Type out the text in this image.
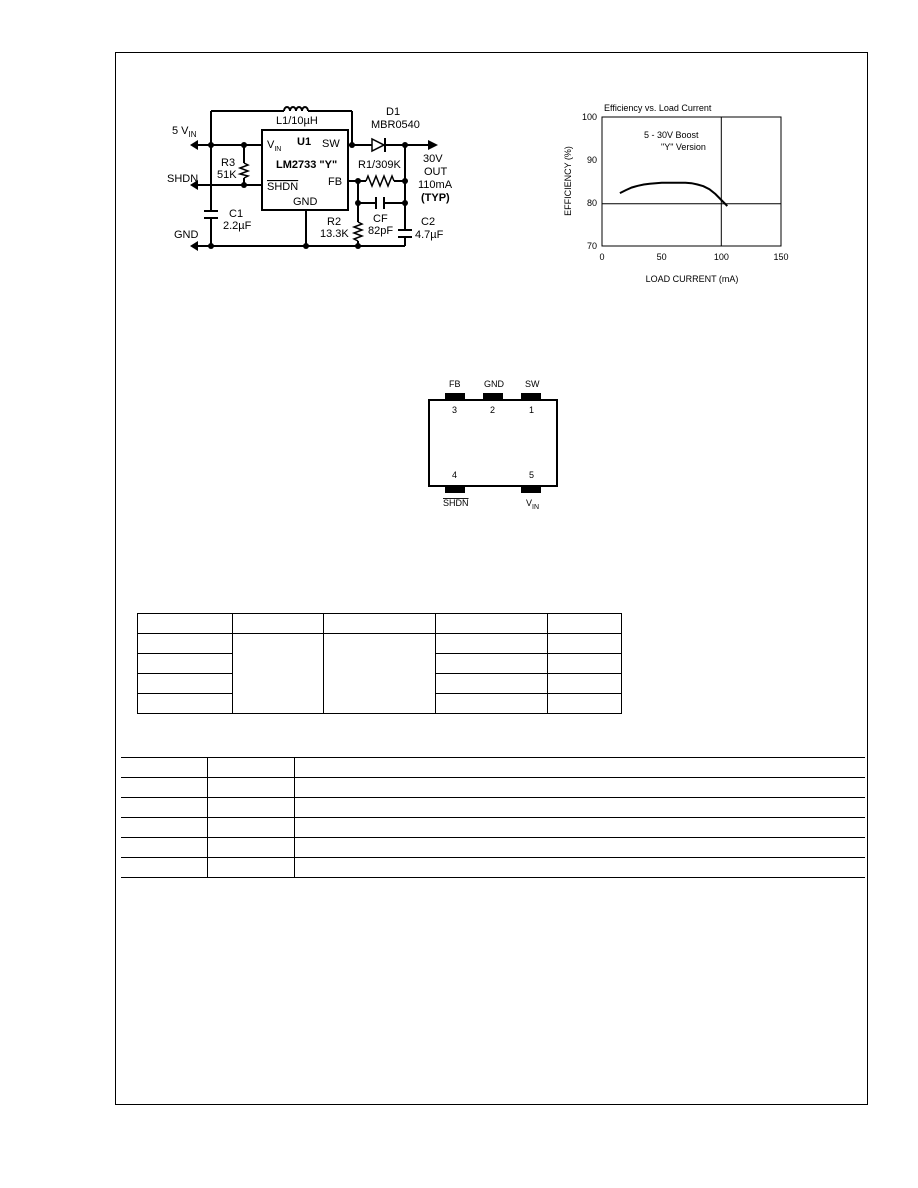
5 $V_{IN}$
SHDN
GND
L1/10µH
D1
MBR0540
U1
$V_{IN}$	SW
LM2733 "Y"
FB
SHDN
GND
R3
51K
C1
2.2µF
R1/309K
R2
13.3K
CF
82pF
C2
4.7µF
30V
OUT
110mA
(TYP)
Efficiency vs. Load Current
5 - 30V Boost
"Y" Version
EFFICIENCY (%)
LOAD CURRENT (mA)
0	50	100	150
70
80
90
100
FB	GND SW
3	2	1
4	5
SHDN	$V_{IN}$
